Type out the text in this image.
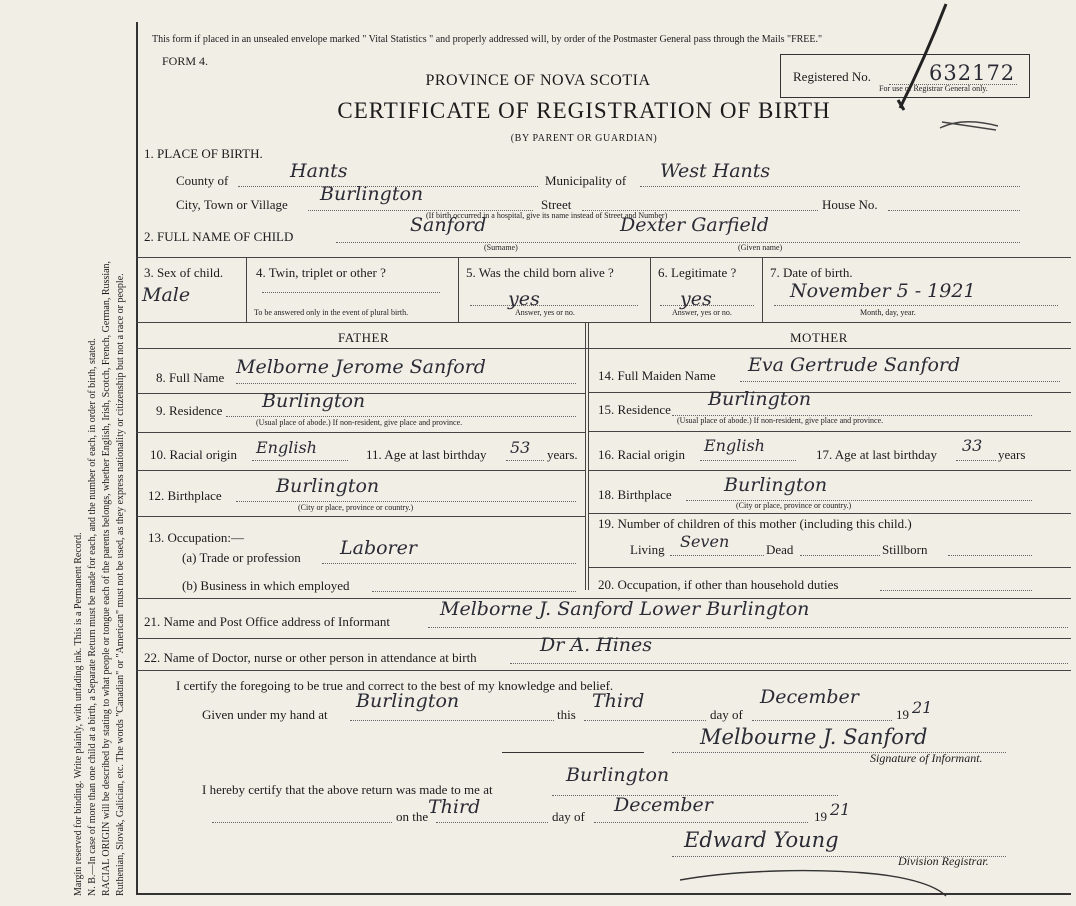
Margin reserved for binding. Write plainly, with unfading ink. This is a Permanent Record. N. B.—In case of more than one child at a birth, a Separate Return must be made for each, and the number of each, in order of birth, stated. RACIAL ORIGIN will be described by stating to what people or tongue each of the parents belongs, whether English, Irish, Scotch, French, German, Russian, Ruthenian, Slovak, Galician, etc. The words "Canadian" or "American" must not be used, as they express nationality or citizenship but not a race or people.
This form if placed in an unsealed envelope marked " Vital Statistics " and properly addressed will, by order of the Postmaster General pass through the Mails "FREE."
FORM 4.
PROVINCE OF NOVA SCOTIA
CERTIFICATE OF REGISTRATION OF BIRTH
(BY PARENT OR GUARDIAN)
Registered No.	632172
For use of Registrar General only.
1. PLACE OF BIRTH.
County of	Hants	Municipality of West Hants
City, Town or Village Burlington	Street	House No.
(If birth occurred in a hospital, give its name instead of Street and Number)
2. FULL NAME OF CHILD
Sanford	Dexter Garfield
(Surname)	(Given name)
3. Sex of child.
Male
4. Twin, triplet or other ?
To be answered only in the event of plural birth.
5. Was the child born alive ?
yes
Answer, yes or no.
6. Legitimate ?
yes
Answer, yes or no.
7. Date of birth.
November 5 - 1921
Month, day, year.
FATHER	MOTHER
8. Full Name Melborne Jerome Sanford
9. Residence Burlington
(Usual place of abode.) If non-resident, give place and province.
10. Racial origin English	11. Age at last birthday 53 years.
12. Birthplace	Burlington
(City or place, province or country.)
13. Occupation:—
(a) Trade or profession Laborer
(b) Business in which employed
14. Full Maiden Name Eva Gertrude Sanford
15. Residence Burlington
(Usual place of abode.) If non-resident, give place and province.
16. Racial origin English	17. Age at last birthday 33 years
18. Birthplace	Burlington
(City or place, province or country.)
19. Number of children of this mother (including this child.)
Living Seven	Dead	Stillborn
20. Occupation, if other than household duties
21. Name and Post Office address of Informant
Melborne J. Sanford Lower Burlington
22. Name of Doctor, nurse or other person in attendance at birth
Dr A. Hines
I certify the foregoing to be true and correct to the best of my knowledge and belief.
Given under my hand at
Burlington
this
Third
day of
December
19 21
Melbourne J. Sanford
Signature of Informant.
I hereby certify that the above return was made to me at
Burlington
on the Third	day of
December
19 21
Edward Young
Division Registrar.
